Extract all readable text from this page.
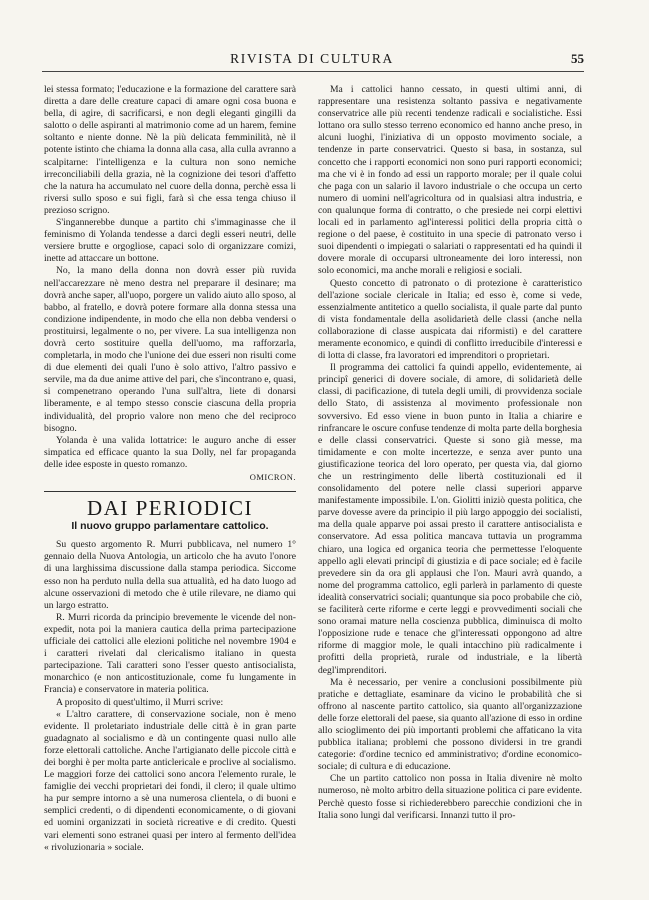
RIVISTA DI CULTURA	55

lei stessa formato; l'educazione e la formazione del carattere sarà diretta a dare delle creature capaci di amare ogni cosa buona e bella, di agire, di sacrificarsi, e non degli eleganti gingilli da salotto o delle aspiranti al matrimonio come ad un harem, femine soltanto e niente donne. Nè la più delicata femminilità, nè il potente istinto che chiama la donna alla casa, alla culla avranno a scalpitarne: l'intelligenza e la cultura non sono nemiche irreconciliabili della grazia, nè la cognizione dei tesori d'affetto che la natura ha accumulato nel cuore della donna, perchè essa li riversi sullo sposo e sui figli, farà sì che essa tenga chiuso il prezioso scrigno.

S'ingannerebbe dunque a partito chi s'immaginasse che il feminismo di Yolanda tendesse a darci degli esseri neutri, delle versiere brutte e orgogliose, capaci solo di organizzare comizi, inette ad attaccare un bottone.

No, la mano della donna non dovrà esser più ruvida nell'accarezzare nè meno destra nel preparare il desinare; ma dovrà anche saper, all'uopo, porgere un valido aiuto allo sposo, al babbo, al fratello, e dovrà potere formare alla donna stessa una condizione indipendente, in modo che ella non debba vendersi o prostituirsi, legalmente o no, per vivere. La sua intelligenza non dovrà certo sostituire quella dell'uomo, ma rafforzarla, completarla, in modo che l'unione dei due esseri non risulti come di due elementi dei quali l'uno è solo attivo, l'altro passivo e servile, ma da due anime attive del pari, che s'incontrano e, quasi, si compenetrano operando l'una sull'altra, liete di donarsi liberamente, e al tempo stesso conscie ciascuna della propria individualità, del proprio valore non meno che del reciproco bisogno.

Yolanda è una valida lottatrice: le auguro anche di esser simpatica ed efficace quanto la sua Dolly, nel far propaganda delle idee esposte in questo romanzo.

OMICRON.

DAI PERIODICI
Il nuovo gruppo parlamentare cattolico.

Su questo argomento R. Murri pubblicava, nel numero 1° gennaio della Nuova Antologia, un articolo che ha avuto l'onore di una larghissima discussione dalla stampa periodica. Siccome esso non ha perduto nulla della sua attualità, ed ha dato luogo ad alcune osservazioni di metodo che è utile rilevare, ne diamo qui un largo estratto.

R. Murri ricorda da principio brevemente le vicende del non-expedit, nota poi la maniera cautica della prima partecipazione ufficiale dei cattolici alle elezioni politiche nel novembre 1904 e i caratteri rivelati dal clericalismo italiano in questa partecipazione. Tali caratteri sono l'esser questo antisocialista, monarchico (e non anticostituzionale, come fu lungamente in Francia) e conservatore in materia politica.

A proposito di quest'ultimo, il Murri scrive:

« L'altro carattere, di conservazione sociale, non è meno evidente. Il proletariato industriale delle città è in gran parte guadagnato al socialismo e dà un contingente quasi nullo alle forze elettorali cattoliche. Anche l'artigianato delle piccole città e dei borghi è per molta parte anticlericale e proclive al socialismo. Le maggiori forze dei cattolici sono ancora l'elemento rurale, le famiglie dei vecchi proprietari dei fondi, il clero; il quale ultimo ha pur sempre intorno a sè una numerosa clientela, o di buoni e semplici credenti, o di dipendenti economicamente, o di giovani ed uomini organizzati in società ricreative e di credito. Questi vari elementi sono estranei quasi per intero al fermento dell'idea « rivoluzionaria » sociale.

Ma i cattolici hanno cessato, in questi ultimi anni, di rappresentare una resistenza soltanto passiva e negativamente conservatrice alle più recenti tendenze radicali e socialistiche. Essi lottano ora sullo stesso terreno economico ed hanno anche preso, in alcuni luoghi, l'iniziativa di un opposto movimento sociale, a tendenze in parte conservatrici. Questo si basa, in sostanza, sul concetto che i rapporti economici non sono puri rapporti economici; ma che vi è in fondo ad essi un rapporto morale; per il quale colui che paga con un salario il lavoro industriale o che occupa un certo numero di uomini nell'agricoltura od in qualsiasi altra industria, e con qualunque forma di contratto, o che presiede nei corpi elettivi locali ed in parlamento agl'interessi politici della propria città o regione o del paese, è costituito in una specie di patronato verso i suoi dipendenti o impiegati o salariati o rappresentati ed ha quindi il dovere morale di occuparsi ultroneamente dei loro interessi, non solo economici, ma anche morali e religiosi e sociali.

Questo concetto di patronato o di protezione è caratteristico dell'azione sociale clericale in Italia; ed esso è, come si vede, essenzialmente antitetico a quello socialista, il quale parte dal punto di vista fondamentale della asolidarietà delle classi (anche nella collaborazione di classe auspicata dai riformisti) e del carattere meramente economico, e quindi di conflitto irreducibile d'interessi e di lotta di classe, fra lavoratori ed imprenditori o proprietari.

Il programma dei cattolici fa quindi appello, evidentemente, ai principî generici di dovere sociale, di amore, di solidarietà delle classi, di pacificazione, di tutela degli umili, di provvidenza sociale dello Stato, di assistenza al movimento professionale non sovversivo. Ed esso viene in buon punto in Italia a chiarire e rinfrancare le oscure confuse tendenze di molta parte della borghesia e delle classi conservatrici. Queste si sono già messe, ma timidamente e con molte incertezze, e senza aver punto una giustificazione teorica del loro operato, per questa via, dal giorno che un restringimento delle libertà costituzionali ed il consolidamento del potere nelle classi superiori apparve manifestamente impossibile. L'on. Giolitti iniziò questa politica, che parve dovesse avere da principio il più largo appoggio dei socialisti, ma della quale apparve poi assai presto il carattere antisocialista e conservatore. Ad essa politica mancava tuttavia un programma chiaro, una logica ed organica teoria che permettesse l'eloquente appello agli elevati principî di giustizia e di pace sociale; ed è facile prevedere sin da ora gli applausi che l'on. Mauri avrà quando, a nome del programma cattolico, egli parlerà in parlamento di queste idealità conservatrici sociali; quantunque sia poco probabile che ciò, se faciliterà certe riforme e certe leggi e provvedimenti sociali che sono oramai mature nella coscienza pubblica, diminuisca di molto l'opposizione rude e tenace che gl'interessati oppongono ad altre riforme di maggior mole, le quali intacchino più radicalmente i profitti della proprietà, rurale od industriale, e la libertà degl'imprenditori.

Ma è necessario, per venire a conclusioni possibilmente più pratiche e dettagliate, esaminare da vicino le probabilità che si offrono al nascente partito cattolico, sia quanto all'organizzazione delle forze elettorali del paese, sia quanto all'azione di esso in ordine allo scioglimento dei più importanti problemi che affaticano la vita pubblica italiana; problemi che possono dividersi in tre grandi categorie: d'ordine tecnico ed amministrativo; d'ordine economico-sociale; di cultura e di educazione.

Che un partito cattolico non possa in Italia divenire nè molto numeroso, nè molto arbitro della situazione politica ci pare evidente. Perchè questo fosse si richiederebbero parecchie condizioni che in Italia sono lungi dal verificarsi. Innanzi tutto il pro-
